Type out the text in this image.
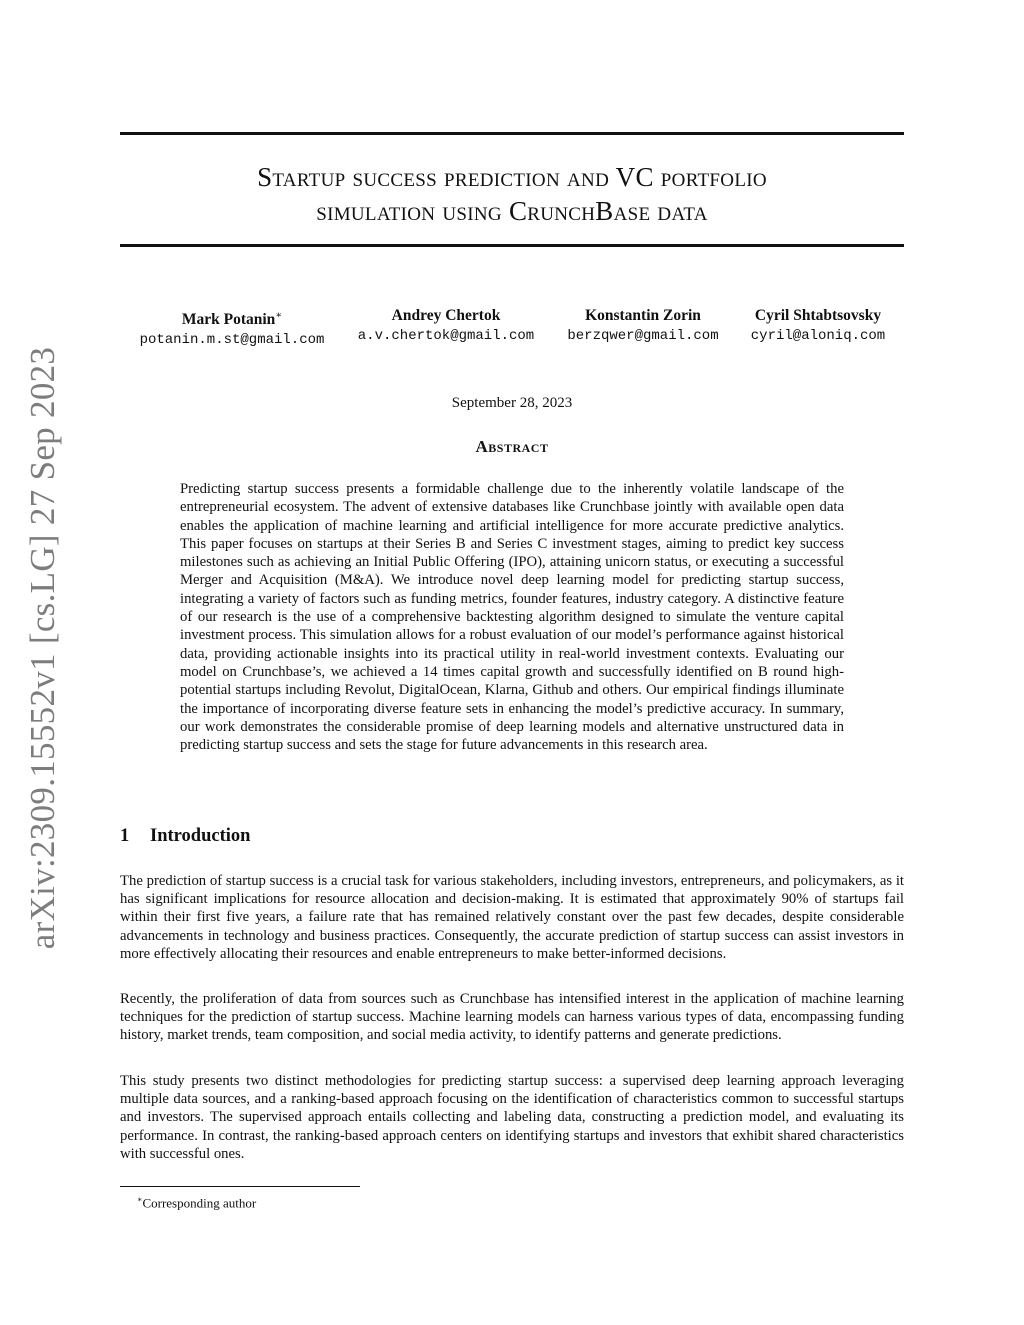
arXiv:2309.15552v1 [cs.LG] 27 Sep 2023
Startup success prediction and VC portfolio
simulation using CrunchBase data
Mark Potanin∗
potanin.m.st@gmail.com
Andrey Chertok
a.v.chertok@gmail.com
Konstantin Zorin
berzqwer@gmail.com
Cyril Shtabtsovsky
cyril@aloniq.com
September 28, 2023
Abstract
Predicting startup success presents a formidable challenge due to the inherently volatile landscape of the entrepreneurial ecosystem. The advent of extensive databases like Crunchbase jointly with available open data enables the application of machine learning and artificial intelligence for more accurate predictive analytics. This paper focuses on startups at their Series B and Series C investment stages, aiming to predict key success milestones such as achieving an Initial Public Offering (IPO), attaining unicorn status, or executing a successful Merger and Acquisition (M&A). We introduce novel deep learning model for predicting startup success, integrating a variety of factors such as funding metrics, founder features, industry category. A distinctive feature of our research is the use of a comprehensive backtesting algorithm designed to simulate the venture capital investment process. This simulation allows for a robust evaluation of our model’s performance against historical data, providing actionable insights into its practical utility in real-world investment contexts. Evaluating our model on Crunchbase’s, we achieved a 14 times capital growth and successfully identified on B round high-potential startups including Revolut, DigitalOcean, Klarna, Github and others. Our empirical findings illuminate the importance of incorporating diverse feature sets in enhancing the model’s predictive accuracy. In summary, our work demonstrates the considerable promise of deep learning models and alternative unstructured data in predicting startup success and sets the stage for future advancements in this research area.
1 Introduction
The prediction of startup success is a crucial task for various stakeholders, including investors, entrepreneurs, and policymakers, as it has significant implications for resource allocation and decision-making. It is estimated that approximately 90% of startups fail within their first five years, a failure rate that has remained relatively constant over the past few decades, despite considerable advancements in technology and business practices. Consequently, the accurate prediction of startup success can assist investors in more effectively allocating their resources and enable entrepreneurs to make better-informed decisions.
Recently, the proliferation of data from sources such as Crunchbase has intensified interest in the application of machine learning techniques for the prediction of startup success. Machine learning models can harness various types of data, encompassing funding history, market trends, team composition, and social media activity, to identify patterns and generate predictions.
This study presents two distinct methodologies for predicting startup success: a supervised deep learning approach leveraging multiple data sources, and a ranking-based approach focusing on the identification of characteristics common to successful startups and investors. The supervised approach entails collecting and labeling data, constructing a prediction model, and evaluating its performance. In contrast, the ranking-based approach centers on identifying startups and investors that exhibit shared characteristics with successful ones.
∗Corresponding author
